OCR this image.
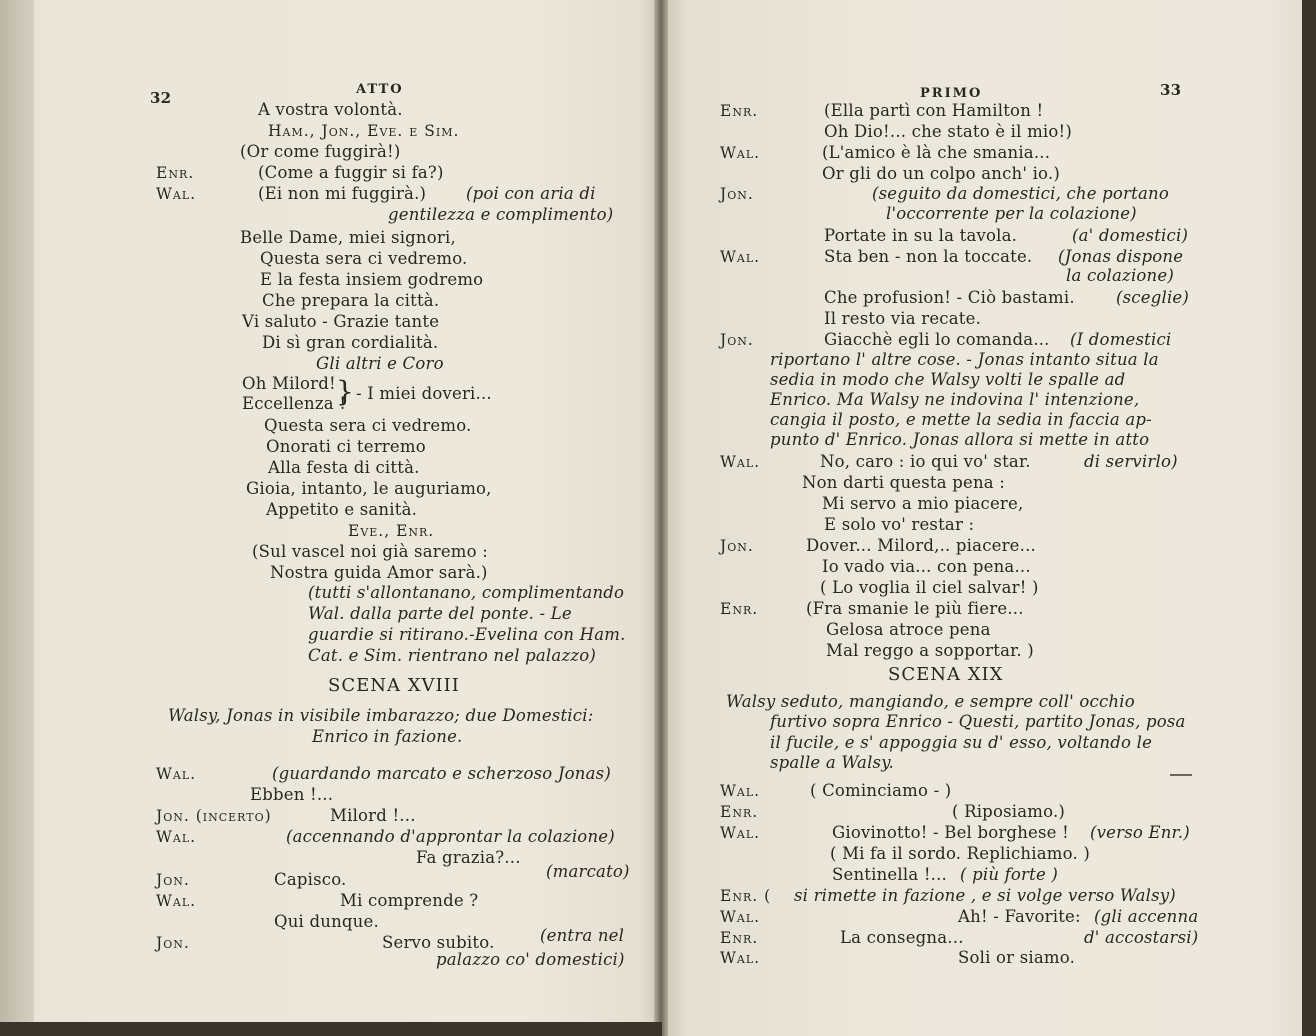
32	ATTO	PRIMO	33
SCENA XVIII
Walsy, Jonas in visibile imbarazzo; due Domestici:
Enrico in fazione.
SCENA XIX
Walsy seduto, mangiando, e sempre coll' occhio
furtivo sopra Enrico - Questi, partito Jonas, posa
il fucile, e s' appoggia su d' esso, voltando le
spalle a Walsy.
}
A vostra volontà.
Ham., Jon., Eve. e Sim.
(Or come fuggirà!)
Enr.	(Come a fuggir si fa?)
Wal.	(Ei non mi fuggirà.) (poi con aria di
gentilezza e complimento)
Belle Dame, miei signori,
Questa sera ci vedremo.
E la festa insiem godremo
Che prepara la città.
Vi saluto - Grazie tante
Di sì gran cordialità.
Gli altri e Coro
Oh Milord!
Eccellenza !
- I miei doveri...
Questa sera ci vedremo.
Onorati ci terremo
Alla festa di città.
Gioia, intanto, le auguriamo,
Appetito e sanità.
Eve., Enr.
(Sul vascel noi già saremo :
Nostra guida Amor sarà.)
(tutti s'allontanano, complimentando
Wal. dalla parte del ponte. - Le
guardie si ritirano.-Evelina con Ham.
Cat. e Sim. rientrano nel palazzo)
Wal.	(guardando marcato e scherzoso Jonas)
Ebben !...
Jon. (incerto)	Milord !...
Wal.	(accennando d'approntar la colazione)
Fa grazia?...
Jon.	Capisco.	(marcato)
Wal.	Mi comprende ?
Qui dunque.
Jon.	Servo subito.	(entra nel
palazzo co' domestici)
Enr.	(Ella partì con Hamilton !
Oh Dio!... che stato è il mio!)
Wal.	(L'amico è là che smania...
Or gli do un colpo anch' io.)
Jon.	(seguito da domestici, che portano
l'occorrente per la colazione)
Portate in su la tavola.	(a' domestici)
Wal.	Sta ben - non la toccate. (Jonas dispone
la colazione)
Che profusion! - Ciò bastami. (sceglie)
Il resto via recate.
Jon.	Giacchè egli lo comanda... (I domestici
riportano l' altre cose. - Jonas intanto situa la
sedia in modo che Walsy volti le spalle ad
Enrico. Ma Walsy ne indovina l' intenzione,
cangia il posto, e mette la sedia in faccia ap-
punto d' Enrico. Jonas allora si mette in atto
Wal.	No, caro : io qui vo' star.	di servirlo)
Non darti questa pena :
Mi servo a mio piacere,
E solo vo' restar :
Jon.	Dover... Milord,.. piacere...
Io vado via... con pena...
( Lo voglia il ciel salvar! )
Enr.	(Fra smanie le più fiere...
Gelosa atroce pena
Mal reggo a sopportar. )
Wal.	( Cominciamo - )
Enr.	( Riposiamo.)
Wal.	Giovinotto! - Bel borghese ! (verso Enr.)
( Mi fa il sordo. Replichiamo. )
Sentinella !... ( più forte )
Enr. ( si rimette in fazione , e si volge verso Walsy)
Wal.	Ah! - Favorite: (gli accenna
Enr.	La consegna...	d' accostarsi)
Wal.	Soli or siamo.
